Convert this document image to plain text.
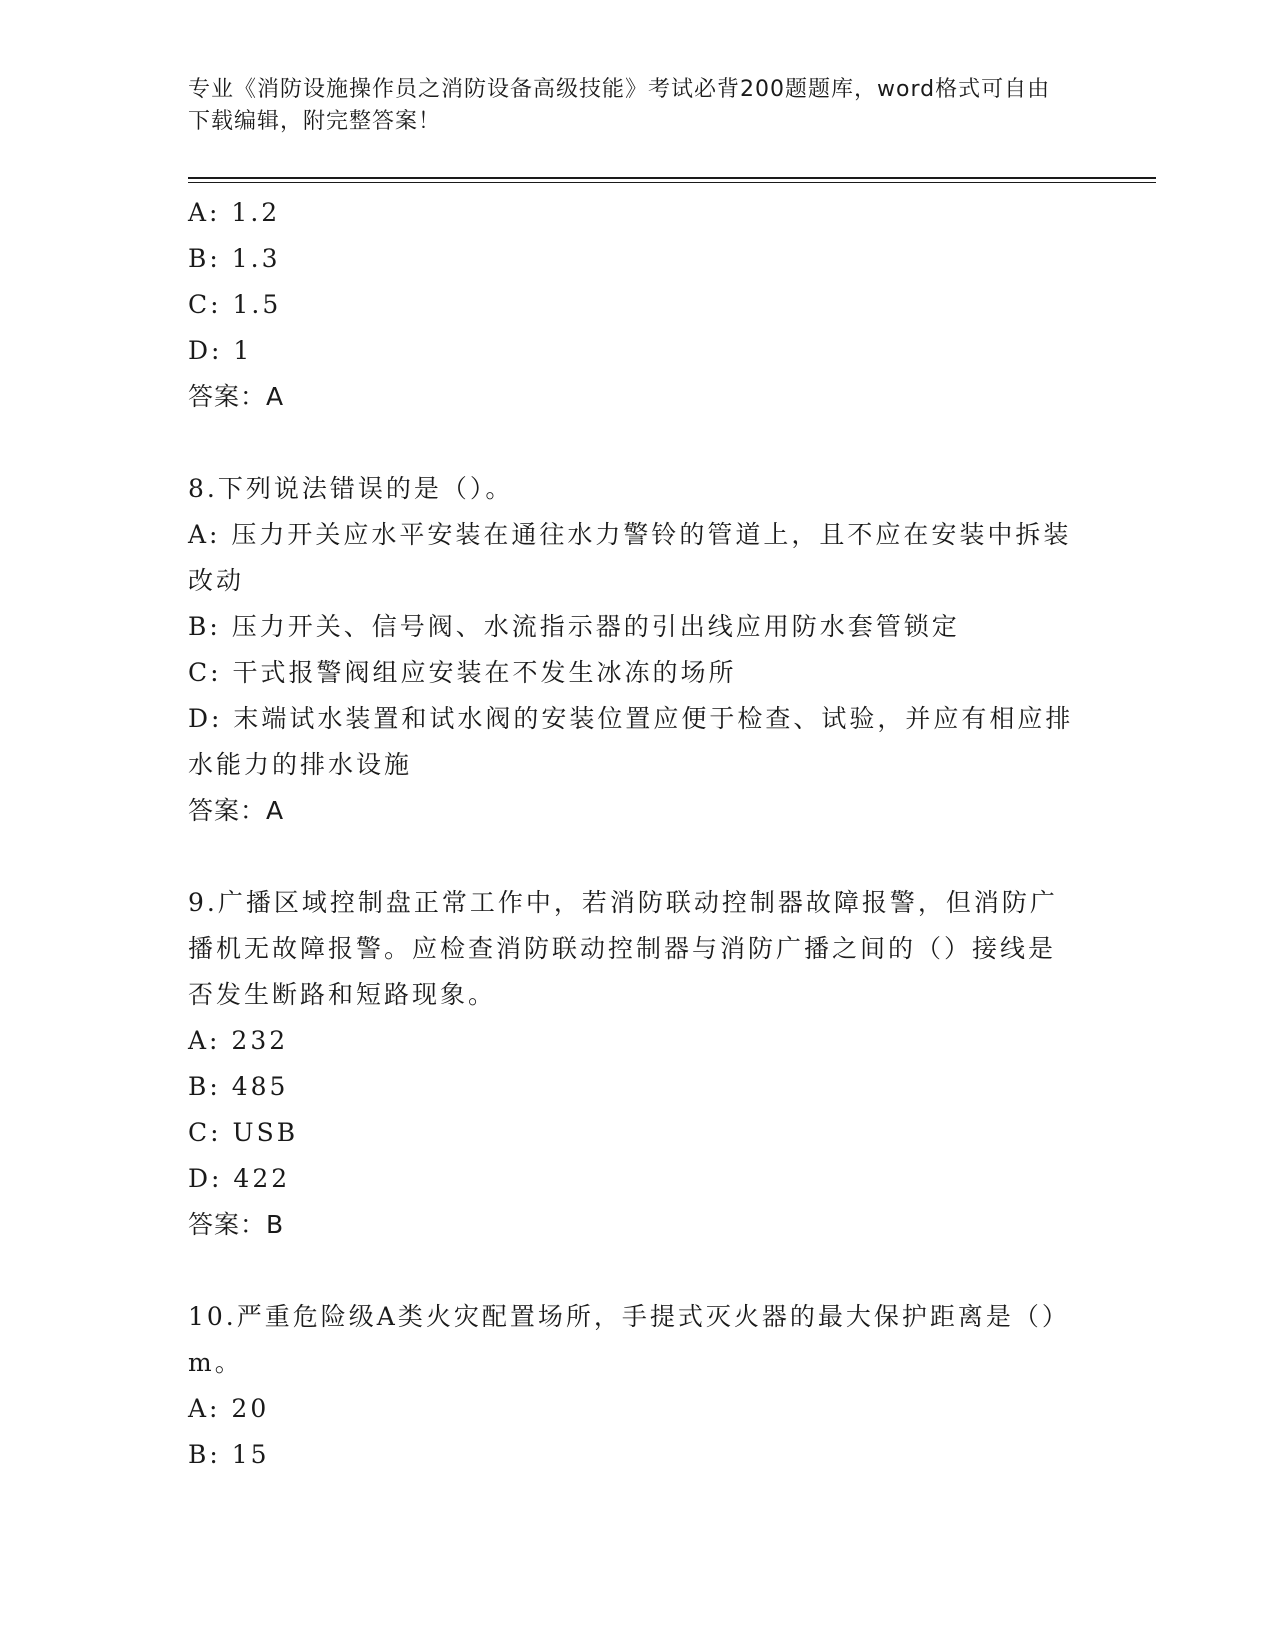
专业《消防设施操作员之消防设备高级技能》考试必背200题题库，word格式可自由下载编辑，附完整答案！

A: 1.2

B: 1.3

C: 1.5

D: 1

答案：A

8.下列说法错误的是（）。

A: 压力开关应水平安装在通往水力警铃的管道上，且不应在安装中拆装改动

B: 压力开关、信号阀、水流指示器的引出线应用防水套管锁定

C: 干式报警阀组应安装在不发生冰冻的场所

D: 末端试水装置和试水阀的安装位置应便于检查、试验，并应有相应排水能力的排水设施

答案：A

9.广播区域控制盘正常工作中，若消防联动控制器故障报警，但消防广播机无故障报警。应检查消防联动控制器与消防广播之间的（）接线是否发生断路和短路现象。

A: 232

B: 485

C: USB

D: 422

答案：B

10.严重危险级A类火灾配置场所，手提式灭火器的最大保护距离是（）m。

A: 20

B: 15
